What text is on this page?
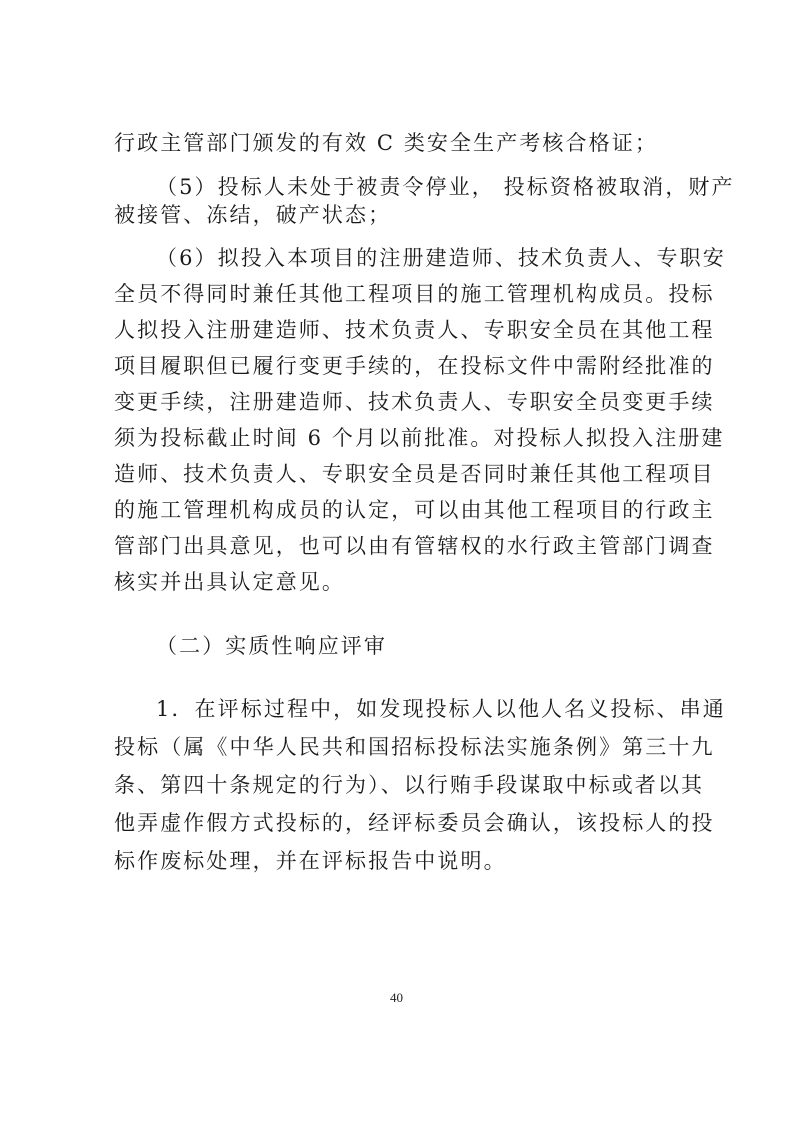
行政主管部门颁发的有效 C 类安全生产考核合格证；
（5）投标人未处于被责令停业， 投标资格被取消，财产
被接管、冻结，破产状态；
（6）拟投入本项目的注册建造师、技术负责人、专职安
全员不得同时兼任其他工程项目的施工管理机构成员。投标
人拟投入注册建造师、技术负责人、专职安全员在其他工程
项目履职但已履行变更手续的，在投标文件中需附经批准的
变更手续，注册建造师、技术负责人、专职安全员变更手续
须为投标截止时间 6 个月以前批准。对投标人拟投入注册建
造师、技术负责人、专职安全员是否同时兼任其他工程项目
的施工管理机构成员的认定，可以由其他工程项目的行政主
管部门出具意见，也可以由有管辖权的水行政主管部门调查
核实并出具认定意见。
（二）实质性响应评审
1．在评标过程中，如发现投标人以他人名义投标、串通
投标（属《中华人民共和国招标投标法实施条例》第三十九
条、第四十条规定的行为）、以行贿手段谋取中标或者以其
他弄虚作假方式投标的，经评标委员会确认，该投标人的投
标作废标处理，并在评标报告中说明。
40
